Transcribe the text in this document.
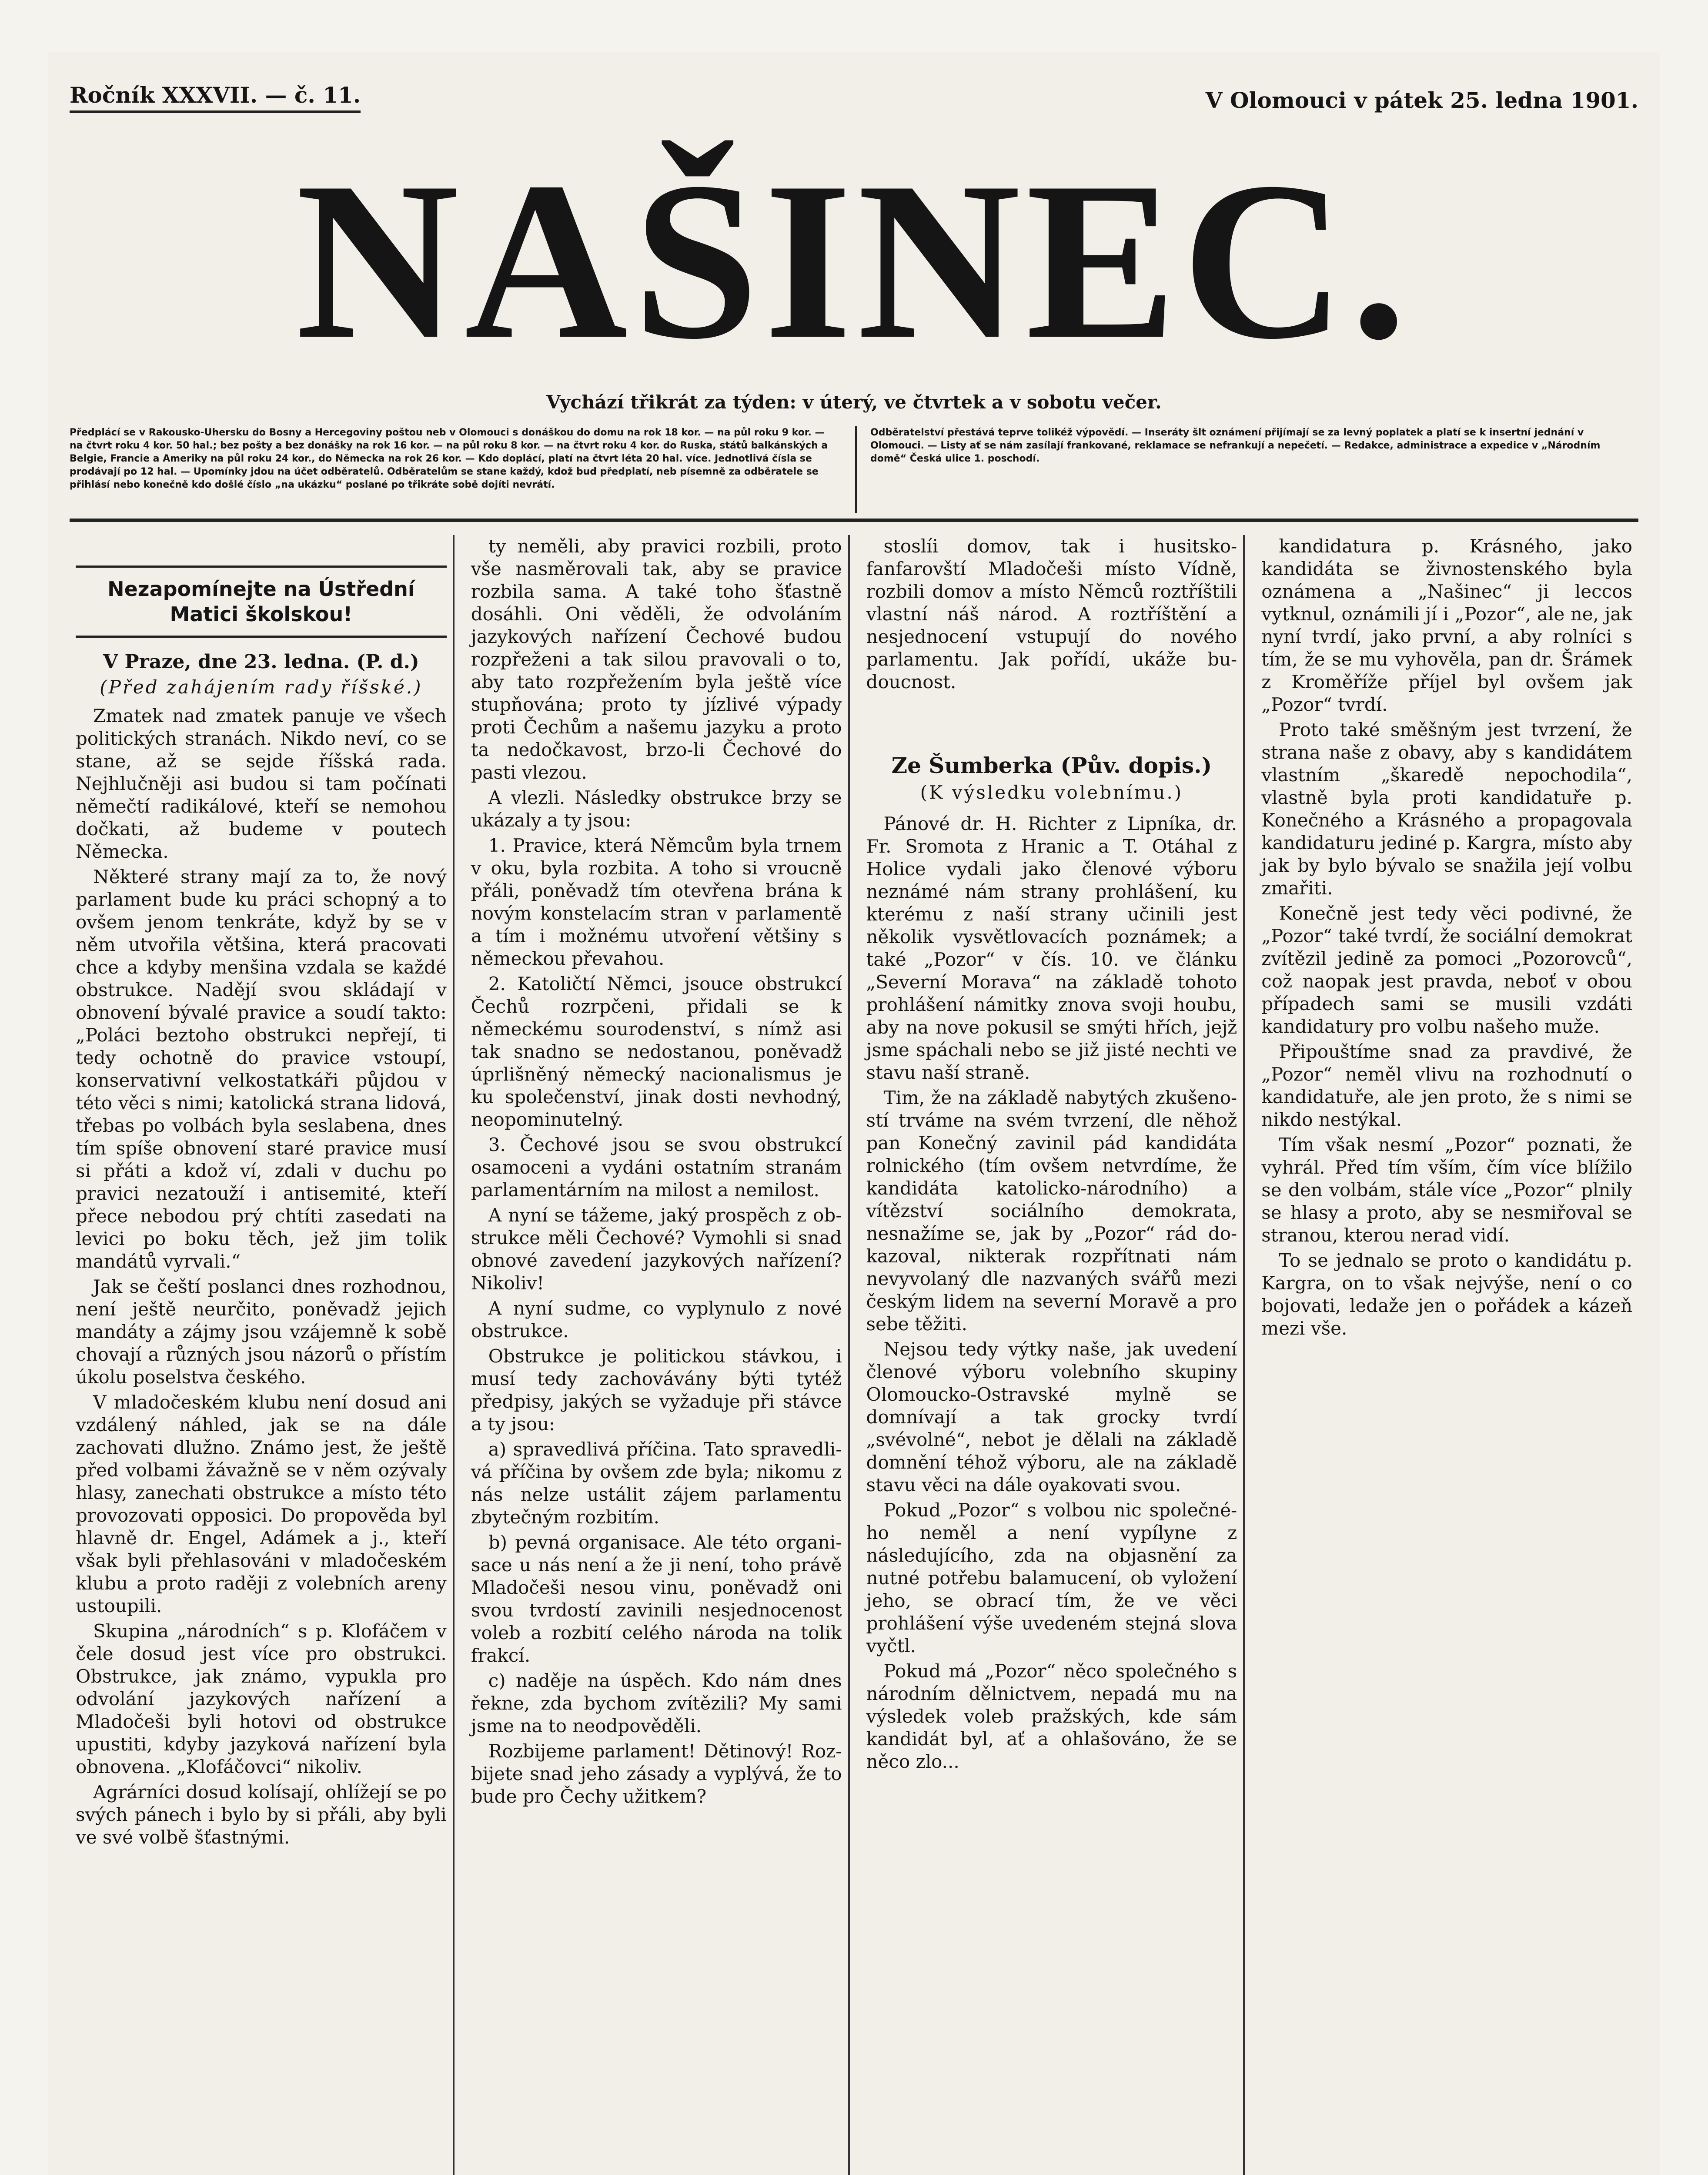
Ročník XXXVII. — č. 11.	V Olomouci v pátek 25. ledna 1901.
NAŠINEC.
Vychází třikrát za týden: v úterý, ve čtvrtek a v sobotu večer.
Předplácí se v Rakousko-Uhersku do Bosny a Hercegoviny poštou neb v Olomouci s donáškou do domu na rok 18 kor. — na půl roku 9 kor. — na čtvrt roku 4 kor. 50 hal.; bez pošty a bez donášky na rok 16 kor. — na půl roku 8 kor. — na čtvrt roku 4 kor. do Ruska, států balkánských a Belgie, Francie a Ameriky na půl roku 24 kor., do Německa na rok 26 kor. — Kdo doplácí, platí na čtvrt léta 20 hal. více. Jednotlivá čísla se prodávají po 12 hal. — Upomínky jdou na účet odběratelů. Odběratelům se stane každý, kdož bud předplatí, neb písemně za odběratele se přihlásí nebo konečně kdo došlé číslo „na ukázku“ poslané po třikráte sobě dojíti nevrátí.
Odběratelství přestává teprve tolikéž výpovědí. — Inseráty šlt oznámení přijímají se za levný poplatek a platí se k insertní jednání v Olomouci. — Listy ať se nám zasílají frankované, reklamace se nefrankují a nepečetí. — Redakce, administrace a expedice v „Národním domě“ Česká ulice 1. poschodí.
Nezapomínejte na Ústřední Matici školskou!
V Praze, dne 23. ledna. (P. d.)
(Před zahájením rady říšské.)

Zmatek nad zmatek panuje ve všech politických stranách. Nikdo neví, co se stane, až se sejde říšská rada. Nejhlučněji asi budou si tam počínati němečtí radikálové, kteří se nemohou dočkati, až budeme v poutech Německa.

Některé strany mají za to, že nový parlament bude ku práci schopný a to ovšem jenom tenkráte, když by se v něm utvořila většina, která pracovati chce a kdyby menšina vzdala se každé obstrukce. Nadějí svou skládají v obnovení bývalé pravice a soudí takto: „Poláci beztoho obstrukci nepřejí, ti tedy ochotně do pravice vstoupí, konservativní velkostatkáři půjdou v této věci s nimi; katolická strana lidová, třebas po volbách byla seslabena, dnes tím spíše obnovení staré pravice musí si přáti a kdož ví, zdali v duchu po pravici nezatouží i antisemité, kteří přece nebodou prý chtíti zasedati na levici po boku těch, jež jim tolik mandátů vyrvali.“

Jak se čeští poslanci dnes rozhodnou, není ještě neurčito, poněvadž jejich mandáty a zájmy jsou vzájemně k sobě chovají a různých jsou názorů o přístím úkolu poselstva českého.

V mladočeském klubu není dosud ani vzdálený náhled, jak se na dále zachovati dlužno. Známo jest, že ještě před volbami žávažně se v něm ozývaly hlasy, zanechati obstrukce a místo této provozovati opposici. Do propověda byl hlavně dr. Engel, Adámek a j., kteří však byli přehlasováni v mladočeském klubu a proto raději z volebních areny ustoupili.

Skupina „národních“ s p. Klofáčem v čele dosud jest více pro obstrukci. Obstrukce, jak známo, vypukla pro odvolání jazykových nařízení a Mladočeši byli hotovi od obstrukce upustiti, kdyby jazyková nařízení byla obnovena. „Klofáčovci“ nikoliv.

Agrárníci dosud kolísají, ohlížejí se po svých pánech i bylo by si přáli, aby byli ve své volbě šťastnými.

ty neměli, aby pravici rozbili, proto vše nasměrovali tak, aby se pravice rozbila sama. A také toho šťastně dosáhli. Oni věděli, že odvoláním jazykových nařízení Čechové budou rozpřeženi a tak silou pravovali o to, aby tato rozpřežením byla ještě více stupňována; proto ty jízlivé výpady proti Čechům a našemu jazyku a proto ta nedočkavost, brzo-li Čechové do pasti vlezou.

A vlezli. Následky obstrukce brzy se ukázaly a ty jsou:

1. Pravice, která Němcům byla trnem v oku, byla rozbita. A toho si vroucně přáli, poněvadž tím otevřena brána k novým konstelacím stran v parlamentě a tím i možnému utvoření většiny s německou převahou.

2. Katoličtí Němci, jsouce obstrukcí Čechů rozrpčeni, přidali se k německému sourodenství, s nímž asi tak snadno se nedostanou, poněvadž úprlišněný německý nacionalismus je ku společenství, jinak dosti nevhodný, neopominutelný.

3. Čechové jsou se svou obstrukcí osamoceni a vydáni ostatním stranám parlamentárním na milost a nemilost.

A nyní se tážeme, jaký prospěch z obstrukce měli Čechové? Vymohli si snad obnové zavedení jazykových nařízení? Nikoliv!

A nyní sudme, co vyplynulo z nové obstrukce.

Obstrukce je politickou stávkou, i musí tedy zachovávány býti tytéž předpisy, jakých se vyžaduje při stávce a ty jsou:

a) spravedlivá příčina. Tato spravedlivá příčina by ovšem zde byla; nikomu z nás nelze ustálit zájem parlamentu zbytečným rozbitím.

b) pevná organisace. Ale této organisace u nás není a že ji není, toho právě Mladočeši nesou vinu, poněvadž oni svou tvrdostí zavinili nesjednocenost voleb a rozbití celého národa na tolik frakcí.

c) naděje na úspěch. Kdo nám dnes řekne, zda bychom zvítězili? My sami jsme na to neodpověděli.

Rozbijeme parlament! Dětinový! Rozbijete snad jeho zásady a vyplývá, že to bude pro Čechy užitkem?

stoslíi domov, tak i husitsko-fanfarovští Mladočeši místo Vídně, rozbili domov a místo Němců roztříštili vlastní náš národ. A roztříštění a nesjednocení vstupují do nového parlamentu. Jak pořídí, ukáže budoucnost.

Ze Šumberka (Pův. dopis.)
(K výsledku volebnímu.)

Pánové dr. H. Richter z Lipníka, dr. Fr. Sromota z Hranic a T. Otáhal z Holice vydali jako členové výboru neznámé nám strany prohlášení, ku kterému z naší strany učinili jest několik vysvětlovacích poznámek; a také „Pozor“ v čís. 10. ve článku „Severní Morava“ na základě tohoto prohlášení námitky znova svoji houbu, aby na nove pokusil se smýti hřích, jejž jsme spáchali nebo se již jisté nechti ve stavu naší straně.

Tim, že na základě nabytých zkušeností trváme na svém tvrzení, dle něhož pan Konečný zavinil pád kandidáta rolnického (tím ovšem netvrdíme, že kandidáta katolicko-národního) a vítězství sociálního demokrata, nesnažíme se, jak by „Pozor“ rád dokazoval, nikterak rozpřítnati nám nevyvolaný dle nazvaných svářů mezi českým lidem na severní Moravě a pro sebe těžiti.

Nejsou tedy výtky naše, jak uvedení členové výboru volebního skupiny Olomoucko-Ostravské mylně se domnívají a tak grocky tvrdí „svévolné“, nebot je dělali na základě domnění téhož výboru, ale na základě stavu věci na dále oyakovati svou.

Pokud „Pozor“ s volbou nic společného neměl a není vypílyne z následujícího, zda na objasnění za nutné potřebu balamucení, ob vyložení jeho, se obrací tím, že ve věci prohlášení výše uvedeném stejná slova vyčtl.

Pokud má „Pozor“ něco společného s národním dělnictvem, nepadá mu na výsledek voleb pražských, kde sám kandidát byl, ať a ohlašováno, že se něco zlo...

kandidatura p. Krásného, jako kandidáta se živnostenského byla oznámena a „Našinec“ ji leccos vytknul, oznámili jí i „Pozor“, ale ne, jak nyní tvrdí, jako první, a aby rolníci s tím, že se mu vyhověla, pan dr. Šrámek z Kroměříže příjel byl ovšem jak „Pozor“ tvrdí.

Proto také směšným jest tvrzení, že strana naše z obavy, aby s kandidátem vlastním „škaredě nepochodila“, vlastně byla proti kandidatuře p. Konečného a Krásného a propagovala kandidaturu jediné p. Kargra, místo aby jak by bylo bývalo se snažila její volbu zmařiti.

Konečně jest tedy věci podivné, že „Pozor“ také tvrdí, že sociální demokrat zvítězil jedině za pomoci „Pozorovců“, což naopak jest pravda, neboť v obou případech sami se musili vzdáti kandidatury pro volbu našeho muže.

Připouštíme snad za pravdivé, že „Pozor“ neměl vlivu na rozhodnutí o kandidatuře, ale jen proto, že s nimi se nikdo nestýkal.

Tím však nesmí „Pozor“ poznati, že vyhrál. Před tím vším, čím více blížilo se den volbám, stále více „Pozor“ plnily se hlasy a proto, aby se nesmiřoval se stranou, kterou nerad vidí.

To se jednalo se proto o kandidátu p. Kargra, on to však nejvýše, není o co bojovati, ledaže jen o pořádek a kázeň mezi vše.
